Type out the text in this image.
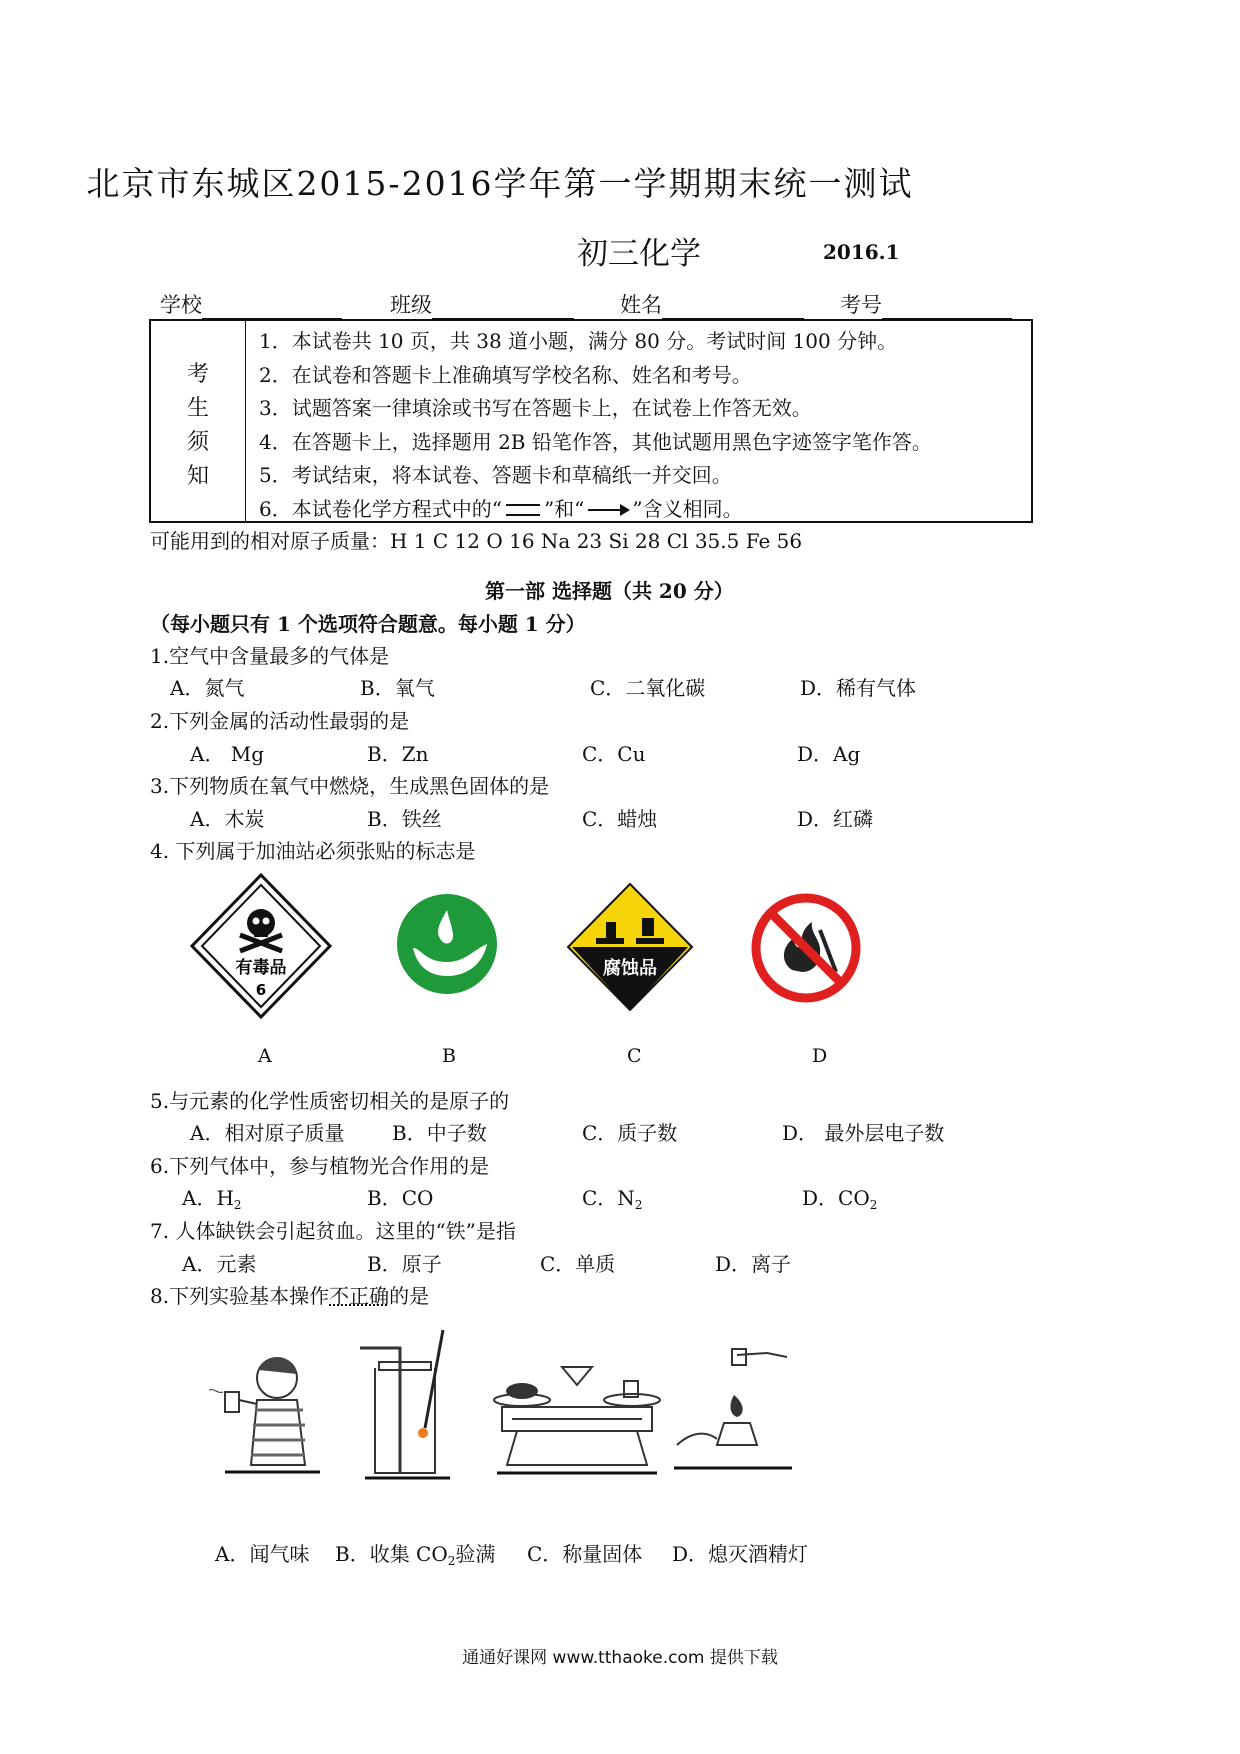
北京市东城区2015-2016学年第一学期期末统一测试
初三化学	2016.1
学校	班级	姓名	考号
考
生
须
知
1．本试卷共 10 页，共 38 道小题，满分 80 分。考试时间 100 分钟。
2．在试卷和答题卡上准确填写学校名称、姓名和考号。
3．试题答案一律填涂或书写在答题卡上，在试卷上作答无效。
4．在答题卡上，选择题用 2B 铅笔作答，其他试题用黑色字迹签字笔作答。
5．考试结束，将本试卷、答题卡和草稿纸一并交回。
6．本试卷化学方程式中的“ ”和“ ”含义相同。
可能用到的相对原子质量：H 1 C 12 O 16 Na 23 Si 28 Cl 35.5 Fe 56
第一部 选择题（共 20 分）
（每小题只有 1 个选项符合题意。每小题 1 分）
1.空气中含量最多的气体是
A．氮气	B．氧气	C．二氧化碳	D．稀有气体
2.下列金属的活动性最弱的是
A． Mg	B．Zn	C．Cu	D．Ag
3.下列物质在氧气中燃烧，生成黑色固体的是
A．木炭	B．铁丝	C．蜡烛	D．红磷
4. 下列属于加油站必须张贴的标志是
有毒品
6
腐蚀品
A	B	C	D
5.与元素的化学性质密切相关的是原子的
A．相对原子质量 B．中子数	C．质子数	D． 最外层电子数
6.下列气体中，参与植物光合作用的是
A．$H_2$	B．CO	C．$N_2$	D．$CO_2$
7. 人体缺铁会引起贫血。这里的“铁”是指
A．元素	B．原子	C．单质	D．离子
8.下列实验基本操作不正确的是
A．闻气味 B．收集 $CO_2$验满 C．称量固体 D．熄灭酒精灯
通通好课网 www.tthaoke.com 提供下载
